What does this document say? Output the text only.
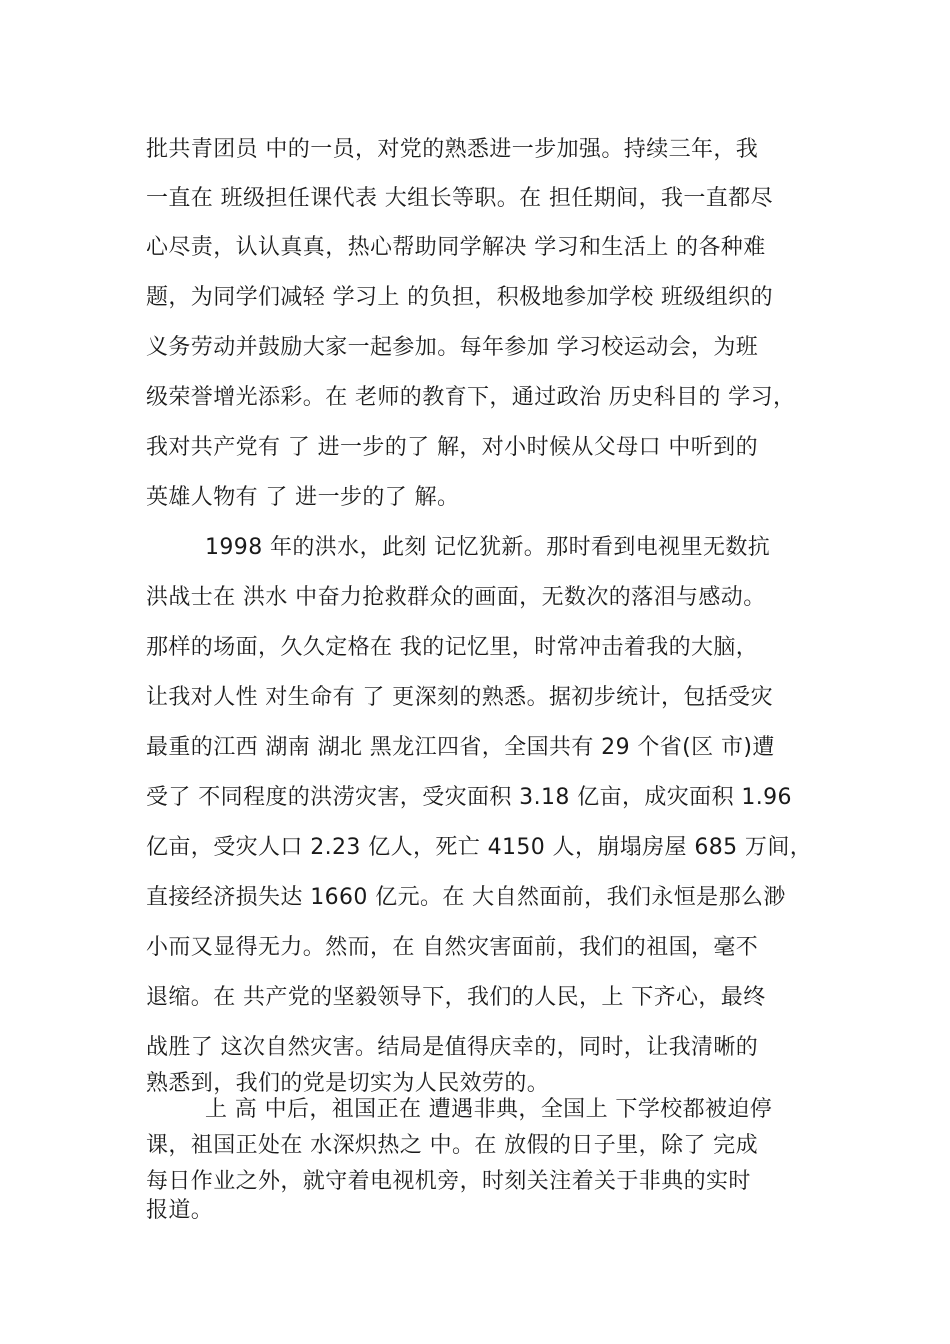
批共青团员 中的一员，对党的熟悉进一步加强。持续三年，我
一直在 班级担任课代表 大组长等职。在 担任期间，我一直都尽
心尽责，认认真真，热心帮助同学解决 学习和生活上 的各种难
题，为同学们减轻 学习上 的负担，积极地参加学校 班级组织的
义务劳动并鼓励大家一起参加。每年参加 学习校运动会，为班
级荣誉增光添彩。在 老师的教育下，通过政治 历史科目的 学习，
我对共产党有 了 进一步的了 解，对小时候从父母口 中听到的
英雄人物有 了 进一步的了 解。
1998 年的洪水，此刻 记忆犹新。那时看到电视里无数抗
洪战士在 洪水 中奋力抢救群众的画面，无数次的落泪与感动。
那样的场面，久久定格在 我的记忆里，时常冲击着我的大脑，
让我对人性 对生命有 了 更深刻的熟悉。据初步统计，包括受灾
最重的江西 湖南 湖北 黑龙江四省，全国共有 29 个省(区 市)遭
受了 不同程度的洪涝灾害，受灾面积 3.18 亿亩，成灾面积 1.96
亿亩，受灾人口 2.23 亿人，死亡 4150 人，崩塌房屋 685 万间，
直接经济损失达 1660 亿元。在 大自然面前，我们永恒是那么渺
小而又显得无力。然而，在 自然灾害面前，我们的祖国，毫不
退缩。在 共产党的坚毅领导下，我们的人民，上 下齐心，最终
战胜了 这次自然灾害。结局是值得庆幸的，同时，让我清晰的
熟悉到，我们的党是切实为人民效劳的。
上 高 中后，祖国正在 遭遇非典，全国上 下学校都被迫停
课，祖国正处在 水深炽热之 中。在 放假的日子里，除了 完成
每日作业之外，就守着电视机旁，时刻关注着关于非典的实时
报道。
